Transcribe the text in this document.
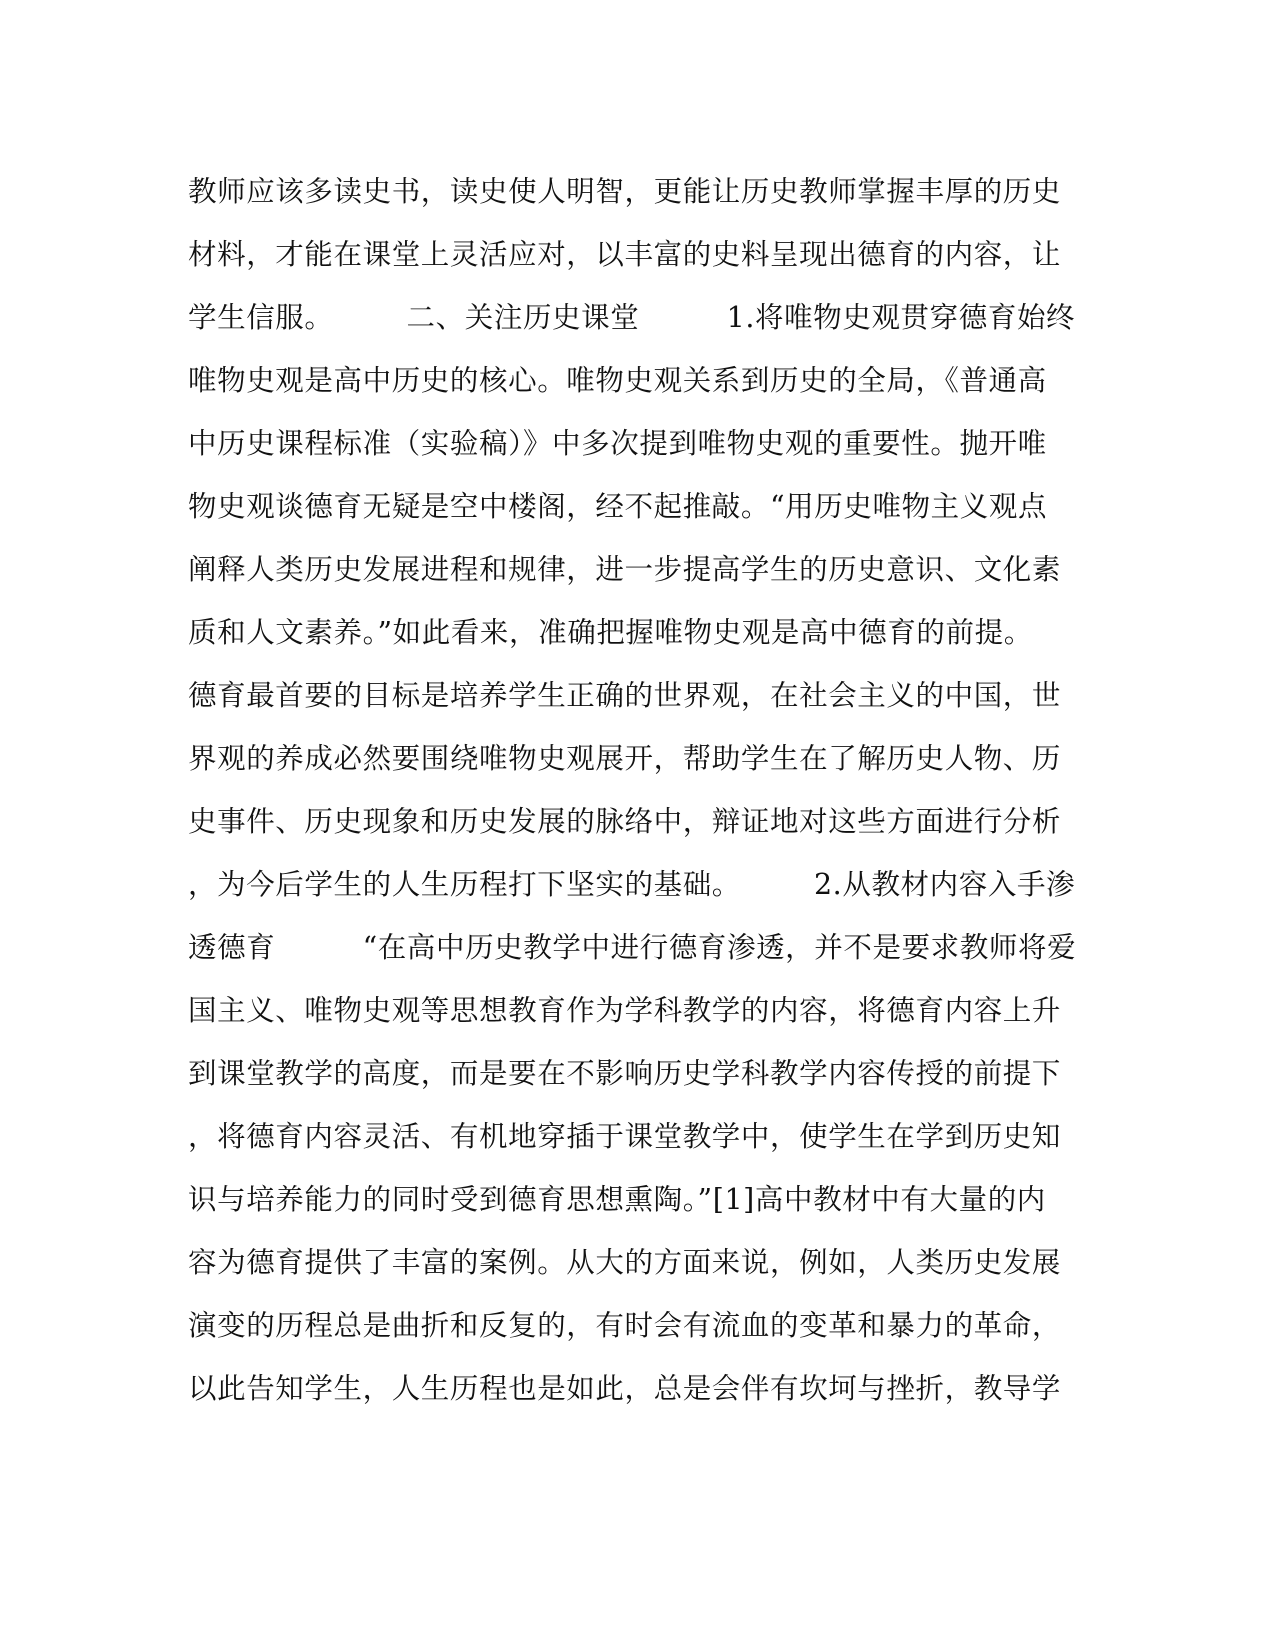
教师应该多读史书，读史使人明智，更能让历史教师掌握丰厚的历史
材料，才能在课堂上灵活应对，以丰富的史料呈现出德育的内容，让
学生信服。　　　二、关注历史课堂　　　1.将唯物史观贯穿德育始终
唯物史观是高中历史的核心。唯物史观关系到历史的全局，《普通高
中历史课程标准（实验稿）》中多次提到唯物史观的重要性。抛开唯
物史观谈德育无疑是空中楼阁，经不起推敲。“用历史唯物主义观点
阐释人类历史发展进程和规律，进一步提高学生的历史意识、文化素
质和人文素养。”如此看来，准确把握唯物史观是高中德育的前提。
德育最首要的目标是培养学生正确的世界观，在社会主义的中国，世
界观的养成必然要围绕唯物史观展开，帮助学生在了解历史人物、历
史事件、历史现象和历史发展的脉络中，辩证地对这些方面进行分析
，为今后学生的人生历程打下坚实的基础。　　　2.从教材内容入手渗
透德育　　　“在高中历史教学中进行德育渗透，并不是要求教师将爱
国主义、唯物史观等思想教育作为学科教学的内容，将德育内容上升
到课堂教学的高度，而是要在不影响历史学科教学内容传授的前提下
，将德育内容灵活、有机地穿插于课堂教学中，使学生在学到历史知
识与培养能力的同时受到德育思想熏陶。”[1]高中教材中有大量的内
容为德育提供了丰富的案例。从大的方面来说，例如，人类历史发展
演变的历程总是曲折和反复的，有时会有流血的变革和暴力的革命，
以此告知学生，人生历程也是如此，总是会伴有坎坷与挫折，教导学
